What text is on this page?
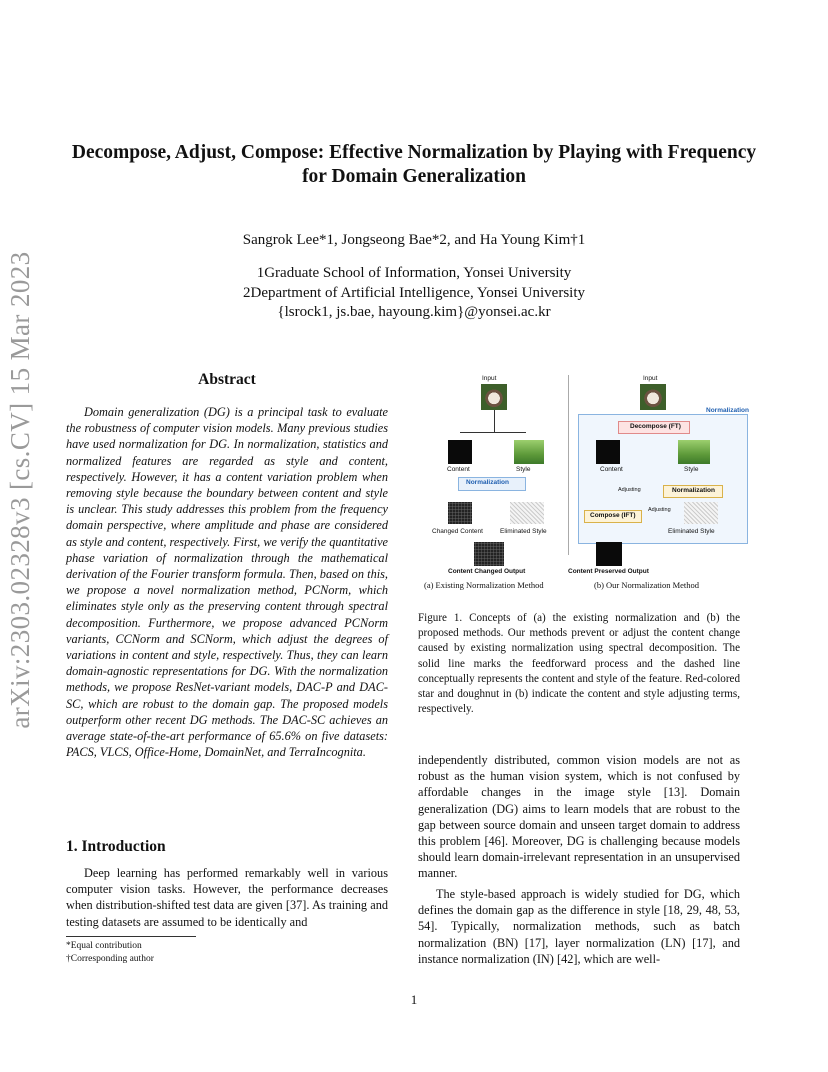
arXiv:2303.02328v3 [cs.CV] 15 Mar 2023
Decompose, Adjust, Compose: Effective Normalization by Playing with Frequency for Domain Generalization
Sangrok Lee*1, Jongseong Bae*2, and Ha Young Kim†1
1Graduate School of Information, Yonsei University
2Department of Artificial Intelligence, Yonsei University
{lsrock1, js.bae, hayoung.kim}@yonsei.ac.kr
Abstract
Domain generalization (DG) is a principal task to evaluate the robustness of computer vision models. Many previous studies have used normalization for DG. In normalization, statistics and normalized features are regarded as style and content, respectively. However, it has a content variation problem when removing style because the boundary between content and style is unclear. This study addresses this problem from the frequency domain perspective, where amplitude and phase are considered as style and content, respectively. First, we verify the quantitative phase variation of normalization through the mathematical derivation of the Fourier transform formula. Then, based on this, we propose a novel normalization method, PCNorm, which eliminates style only as the preserving content through spectral decomposition. Furthermore, we propose advanced PCNorm variants, CCNorm and SCNorm, which adjust the degrees of variations in content and style, respectively. Thus, they can learn domain-agnostic representations for DG. With the normalization methods, we propose ResNet-variant models, DAC-P and DAC-SC, which are robust to the domain gap. The proposed models outperform other recent DG methods. The DAC-SC achieves an average state-of-the-art performance of 65.6% on five datasets: PACS, VLCS, Office-Home, DomainNet, and TerraIncognita.
1. Introduction
Deep learning has performed remarkably well in various computer vision tasks. However, the performance decreases when distribution-shifted test data are given [37]. As training and testing datasets are assumed to be identically and
*Equal contribution
†Corresponding author
Input
Content	Style
Normalization
Changed Content	Eliminated Style
Content Changed Output
(a) Existing Normalization Method
Input
Normalization
Decompose (FT)
Content	Style
Adjusting	Normalization
Adjusting
Compose (IFT)
Eliminated Style
Content Preserved Output
(b) Our Normalization Method
Figure 1. Concepts of (a) the existing normalization and (b) the proposed methods. Our methods prevent or adjust the content change caused by existing normalization using spectral decomposition. The solid line marks the feedforward process and the dashed line conceptually represents the content and style of the feature. Red-colored star and doughnut in (b) indicate the content and style adjusting terms, respectively.
independently distributed, common vision models are not as robust as the human vision system, which is not confused by affordable changes in the image style [13]. Domain generalization (DG) aims to learn models that are robust to the gap between source domain and unseen target domain to address this problem [46]. Moreover, DG is challenging because models should learn domain-irrelevant representation in an unsupervised manner.
The style-based approach is widely studied for DG, which defines the domain gap as the difference in style [18, 29, 48, 53, 54]. Typically, normalization methods, such as batch normalization (BN) [17], layer normalization (LN) [17], and instance normalization (IN) [42], which are well-
1
